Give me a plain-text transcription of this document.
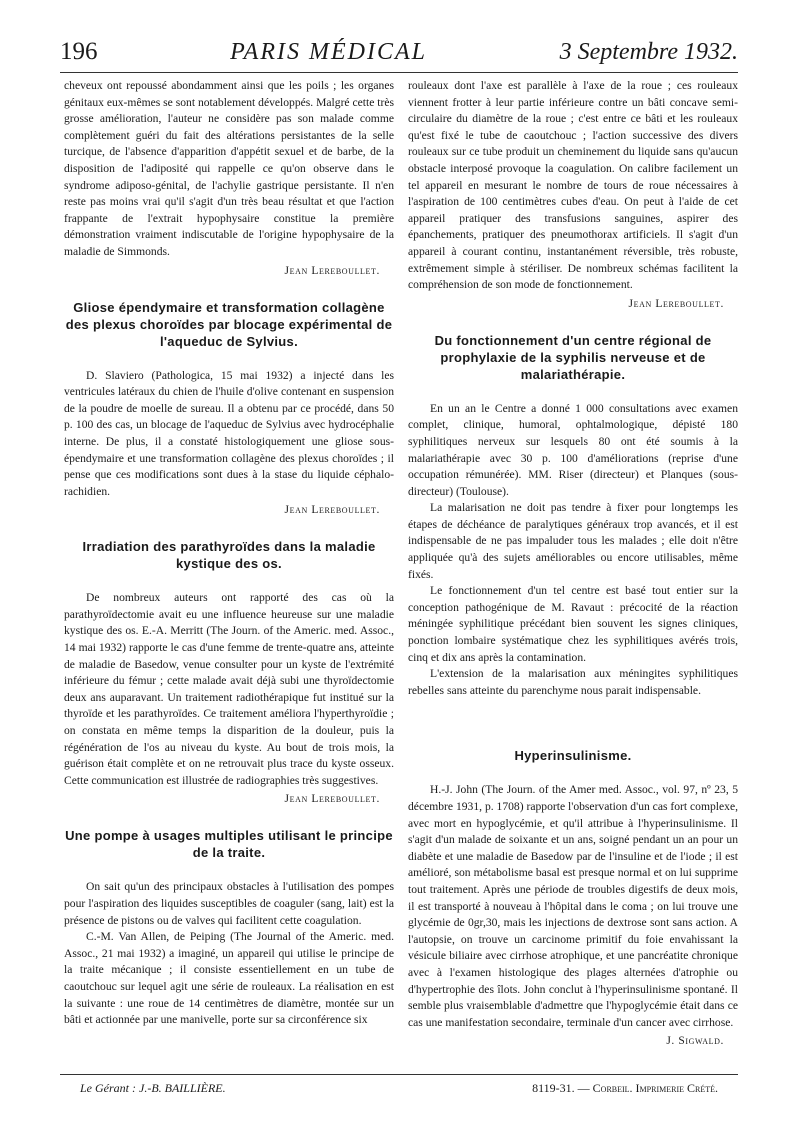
196	PARIS MÉDICAL	3 Septembre 1932.

cheveux ont repoussé abondamment ainsi que les poils ; les organes génitaux eux-mêmes se sont notablement développés. Malgré cette très grosse amélioration, l'auteur ne considère pas son malade comme complètement guéri du fait des altérations persistantes de la selle turcique, de l'absence d'apparition d'appétit sexuel et de barbe, de la disposition de l'adiposité qui rappelle ce qu'on observe dans le syndrome adiposo-génital, de l'achylie gastrique persistante. Il n'en reste pas moins vrai qu'il s'agit d'un très beau résultat et que l'action frappante de l'extrait hypophysaire constitue la première démonstration vraiment indiscutable de l'origine hypophysaire de la maladie de Simmonds.

Jean Lereboullet.
Gliose épendymaire et transformation collagène des plexus choroïdes par blocage expérimental de l'aqueduc de Sylvius.

D. Slaviero (Pathologica, 15 mai 1932) a injecté dans les ventricules latéraux du chien de l'huile d'olive contenant en suspension de la poudre de moelle de sureau. Il a obtenu par ce procédé, dans 50 p. 100 des cas, un blocage de l'aqueduc de Sylvius avec hydrocéphalie interne. De plus, il a constaté histologiquement une gliose sous-épendymaire et une transformation collagène des plexus choroïdes ; il pense que ces modifications sont dues à la stase du liquide céphalo-rachidien.

Jean Lereboullet.
Irradiation des parathyroïdes dans la maladie kystique des os.

De nombreux auteurs ont rapporté des cas où la parathyroïdectomie avait eu une influence heureuse sur une maladie kystique des os. E.-A. Merritt (The Journ. of the Americ. med. Assoc., 14 mai 1932) rapporte le cas d'une femme de trente-quatre ans, atteinte de maladie de Basedow, venue consulter pour un kyste de l'extrémité inférieure du fémur ; cette malade avait déjà subi une thyroïdectomie deux ans auparavant. Un traitement radiothérapique fut institué sur la thyroïde et les parathyroïdes. Ce traitement améliora l'hyperthyroïdie ; on constata en même temps la disparition de la douleur, puis la régénération de l'os au niveau du kyste. Au bout de trois mois, la guérison était complète et on ne retrouvait plus trace du kyste osseux. Cette communication est illustrée de radiographies très suggestives.

Jean Lereboullet.
Une pompe à usages multiples utilisant le principe de la traite.

On sait qu'un des principaux obstacles à l'utilisation des pompes pour l'aspiration des liquides susceptibles de coaguler (sang, lait) est la présence de pistons ou de valves qui facilitent cette coagulation.

C.-M. Van Allen, de Peiping (The Journal of the Americ. med. Assoc., 21 mai 1932) a imaginé, un appareil qui utilise le principe de la traite mécanique ; il consiste essentiellement en un tube de caoutchouc sur lequel agit une série de rouleaux. La réalisation en est la suivante : une roue de 14 centimètres de diamètre, montée sur un bâti et actionnée par une manivelle, porte sur sa circonférence six

rouleaux dont l'axe est parallèle à l'axe de la roue ; ces rouleaux viennent frotter à leur partie inférieure contre un bâti concave semi-circulaire du diamètre de la roue ; c'est entre ce bâti et les rouleaux qu'est fixé le tube de caoutchouc ; l'action successive des divers rouleaux sur ce tube produit un cheminement du liquide sans qu'aucun obstacle interposé provoque la coagulation. On calibre facilement un tel appareil en mesurant le nombre de tours de roue nécessaires à l'aspiration de 100 centimètres cubes d'eau. On peut à l'aide de cet appareil pratiquer des transfusions sanguines, aspirer des épanchements, pratiquer des pneumothorax artificiels. Il s'agit d'un appareil à courant continu, instantanément réversible, très robuste, extrêmement simple à stériliser. De nombreux schémas facilitent la compréhension de son mode de fonctionnement.

Jean Lereboullet.
Du fonctionnement d'un centre régional de prophylaxie de la syphilis nerveuse et de malariathérapie.

En un an le Centre a donné 1 000 consultations avec examen complet, clinique, humoral, ophtalmologique, dépisté 180 syphilitiques nerveux sur lesquels 80 ont été soumis à la malariathérapie avec 30 p. 100 d'améliorations (reprise d'une occupation rémunérée). MM. Riser (directeur) et Planques (sous-directeur) (Toulouse).

La malarisation ne doit pas tendre à fixer pour longtemps les étapes de déchéance de paralytiques généraux trop avancés, et il est indispensable de ne pas impaluder tous les malades ; elle doit n'être appliquée qu'à des sujets améliorables ou encore utilisables, même fixés.

Le fonctionnement d'un tel centre est basé tout entier sur la conception pathogénique de M. Ravaut : précocité de la réaction méningée syphilitique précédant bien souvent les signes cliniques, ponction lombaire systématique chez les syphilitiques avérés trois, cinq et dix ans après la contamination.

L'extension de la malarisation aux méningites syphilitiques rebelles sans atteinte du parenchyme nous parait indispensable.

Hyperinsulinisme.

H.-J. John (The Journ. of the Amer med. Assoc., vol. 97, nº 23, 5 décembre 1931, p. 1708) rapporte l'observation d'un cas fort complexe, avec mort en hypoglycémie, et qu'il attribue à l'hyperinsulinisme. Il s'agit d'un malade de soixante et un ans, soigné pendant un an pour un diabète et une maladie de Basedow par de l'insuline et de l'iode ; il est amélioré, son métabolisme basal est presque normal et on lui supprime tout traitement. Après une période de troubles digestifs de deux mois, il est transporté à nouveau à l'hôpital dans le coma ; on lui trouve une glycémie de 0gr,30, mais les injections de dextrose sont sans action. A l'autopsie, on trouve un carcinome primitif du foie envahissant la vésicule biliaire avec cirrhose atrophique, et une pancréatite chronique avec à l'examen histologique des plages alternées d'atrophie ou d'hypertrophie des îlots. John conclut à l'hyperinsulinisme spontané. Il semble plus vraisemblable d'admettre que l'hypoglycémie était dans ce cas une manifestation secondaire, terminale d'un cancer avec cirrhose.

J. Sigwald.
Le Gérant : J.-B. BAILLIÈRE.	8119-31. — Corbeil. Imprimerie Crété.
